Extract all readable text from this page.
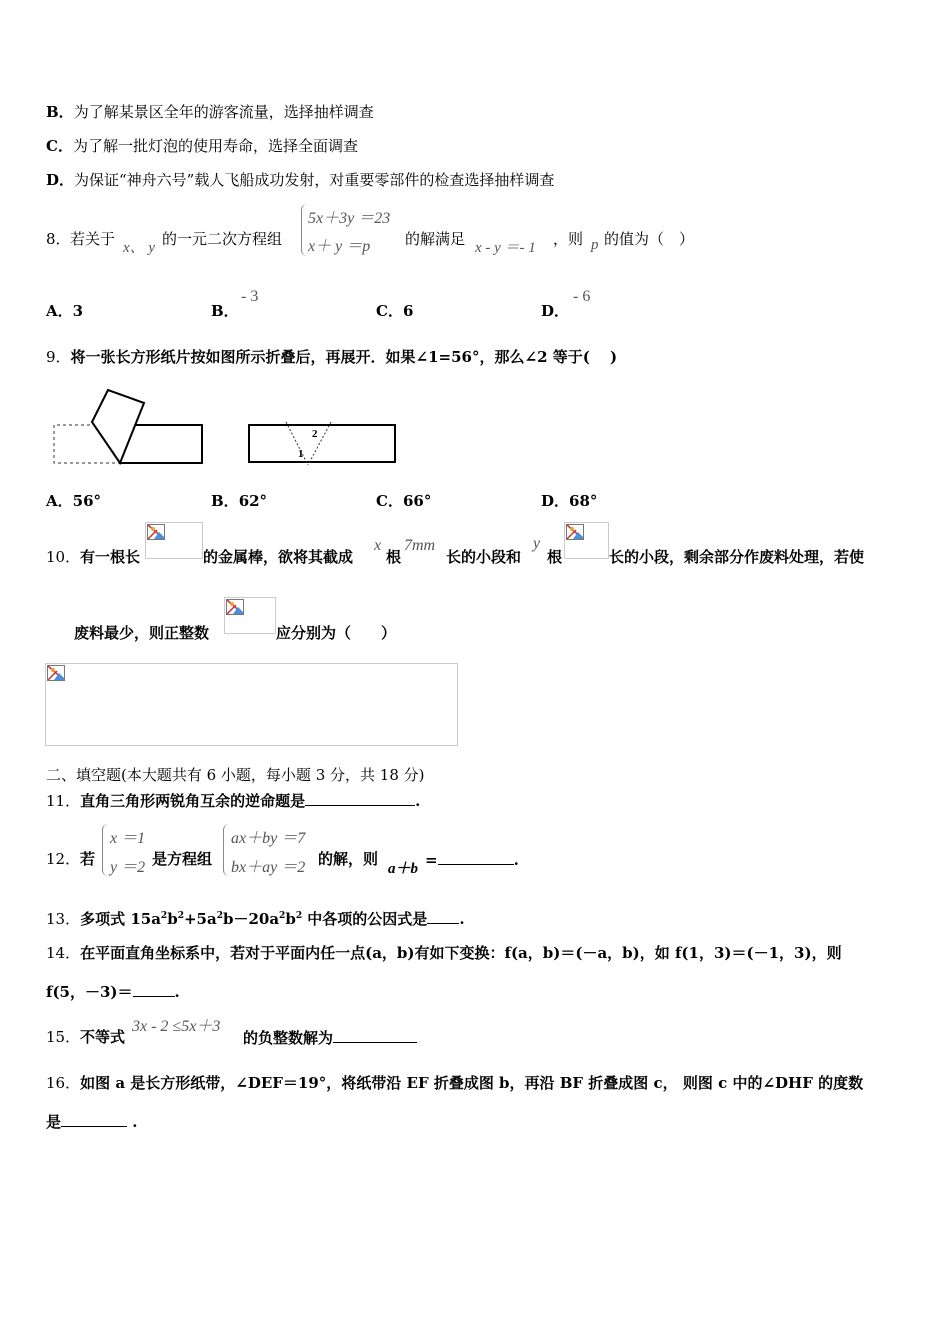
B．为了解某景区全年的游客流量，选择抽样调查
C．为了解一批灯泡的使用寿命，选择全面调查
D．为保证“神舟六号”载人飞船成功发射，对重要零部件的检查选择抽样调查
8． 若关于 x、 y 的一元二次方程组
5x＋3y ＝23
x＋ y ＝p 的解满足 x - y ＝- 1 ，则 p 的值为（　）
A．3	B．
- 3
C．6	D．
- 6
9．将一张长方形纸片按如图所示折叠后，再展开．如果∠1=56°，那么∠2 等于(　 )
2
1
A．56°	B．62°	C．66°	D．68°
10． 有一根长	的金属棒，欲将其截成
x
根
7mm
长的小段和
y
根	长的小段，剩余部分作废料处理，若使
废料最少，则正整数	应分别为（　　）
二、填空题(本大题共有 6 小题，每小题 3 分，共 18 分)
11．直角三角形两锐角互余的逆命题是	.
12． 若
x ＝1
y ＝2 是方程组
ax＋by ＝7
bx＋ay ＝2 的解，则
a＋b =	.
13．多项式 $15a^2b^2+5a^2b-20a^2b^2$ 中各项的公因式是 .
14．在平面直角坐标系中，若对于平面内任一点(a，b)有如下变换：f(a，b)＝(－a，b)，如 f(1，3)＝(－1，3)，则
f(5，－3)＝	.
15． 不等式
3x - 2 ≤5x＋3
的负整数解为
16．如图 a 是长方形纸带，∠DEF＝19°，将纸带沿 EF 折叠成图 b，再沿 BF 折叠成图 c， 则图 c 中的∠DHF 的度数
是	.
